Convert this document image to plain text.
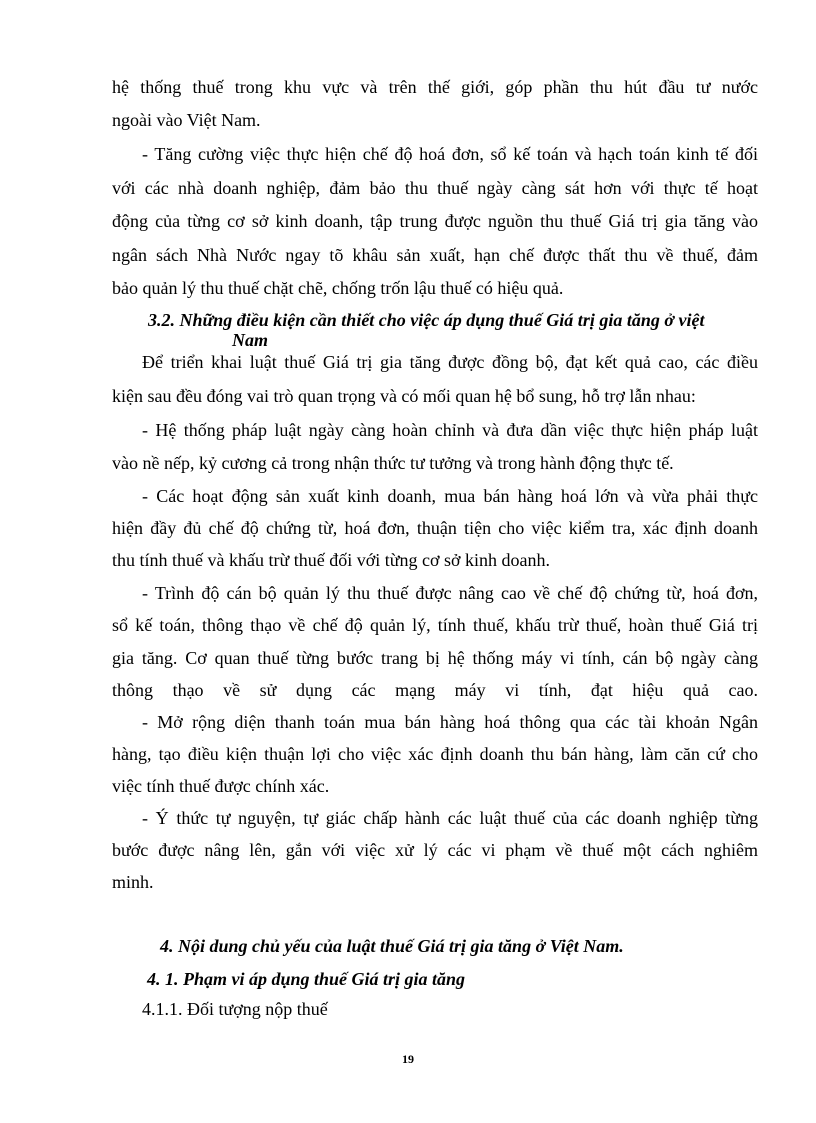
hệ thống thuế trong khu vực và trên thế giới, góp phần thu hút đầu tư nước
ngoài vào Việt Nam.
- Tăng cường việc thực hiện chế độ hoá đơn, sổ kế toán và hạch toán kinh tế đối
với các nhà doanh nghiệp, đảm bảo thu thuế ngày càng sát hơn với thực tế hoạt
động của từng cơ sở kinh doanh, tập trung được nguồn thu thuế Giá trị gia tăng vào
ngân sách Nhà Nước ngay tõ khâu sản xuất, hạn chế được thất thu về thuế, đảm
bảo quản lý thu thuế chặt chẽ, chống trốn lậu thuế có hiệu quả.
3.2. Những điều kiện cần thiết cho việc áp dụng thuế Giá trị gia tăng ở việt
Nam
Để triển khai luật thuế Giá trị gia tăng được đồng bộ, đạt kết quả cao, các điều
kiện sau đều đóng vai trò quan trọng và có mối quan hệ bổ sung, hỗ trợ lẫn nhau:
- Hệ thống pháp luật ngày càng hoàn chỉnh và đưa dần việc thực hiện pháp luật
vào nề nếp, kỷ cương cả trong nhận thức tư tưởng và trong hành động thực tế.
- Các hoạt động sản xuất kinh doanh, mua bán hàng hoá lớn và vừa phải thực
hiện đầy đủ chế độ chứng từ, hoá đơn, thuận tiện cho việc kiểm tra, xác định doanh
thu tính thuế và khấu trừ thuế đối với từng cơ sở kinh doanh.
- Trình độ cán bộ quản lý thu thuế được nâng cao về chế độ chứng từ, hoá đơn,
sổ kế toán, thông thạo về chế độ quản lý, tính thuế, khấu trừ thuế, hoàn thuế Giá trị
gia tăng. Cơ quan thuế từng bước trang bị hệ thống máy vi tính, cán bộ ngày càng
thông thạo về sử dụng các mạng máy vi tính, đạt hiệu quả cao.
- Mở rộng diện thanh toán mua bán hàng hoá thông qua các tài khoản Ngân
hàng, tạo điều kiện thuận lợi cho việc xác định doanh thu bán hàng, làm căn cứ cho
việc tính thuế được chính xác.
- Ý thức tự nguyện, tự giác chấp hành các luật thuế của các doanh nghiệp từng
bước được nâng lên, gắn với việc xử lý các vi phạm về thuế một cách nghiêm
minh.
4. Nội dung chủ yếu của luật thuế Giá trị gia tăng ở Việt Nam.
4. 1. Phạm vi áp dụng thuế Giá trị gia tăng
4.1.1. Đối tượng nộp thuế
19
